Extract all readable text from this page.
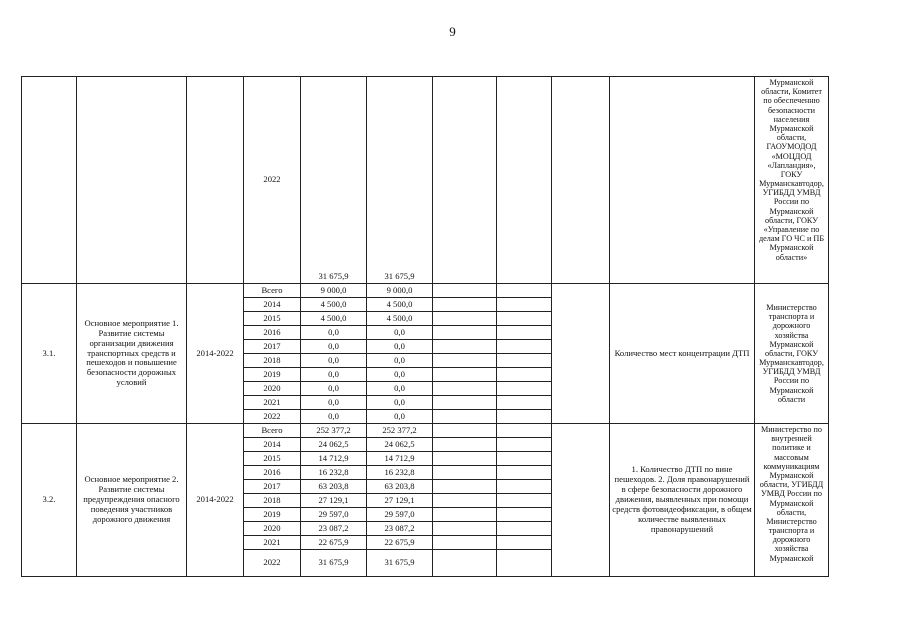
9
			2022	31 675,9	31 675,9					Мурманской области, Комитет по обеспеченню безопасности населения Мурманской области, ГАОУМОДОД «МОЦДОД «Лапландия», ГОКУ Мурманскавтодор, УГИБДД УМВД России по Мурманской области, ГОКУ «Управление по делам ГО ЧС и ПБ Мурманской области»
3.1.	Основное мероприятие 1. Развитие системы организации движения транспортных средств и пешеходов и повышение безопасности дорожных условий	2014-2022	Всего	9 000,0	9 000,0				Количество мест концентрации ДТП	Министерство транспорта и дорожного хозяйства Мурманской области, ГОКУ Мурманскавтодор, УГИБДД УМВД России по Мурманской области
			2014	4 500,0	4 500,0					
			2015	4 500,0	4 500,0					
			2016	0,0	0,0					
			2017	0,0	0,0					
			2018	0,0	0,0					
			2019	0,0	0,0					
			2020	0,0	0,0					
			2021	0,0	0,0					
			2022	0,0	0,0					
3.2.	Основное мероприятие 2. Развитие системы предупреждения опасного поведения участников дорожного движения	2014-2022	Всего	252 377,2	252 377,2				1. Количество ДТП по вине пешеходов. 2. Доля правонарушений в сфере безопасности дорожного движения, выявленных при помощи средств фотовидеофиксации, в общем количестве выявленных правонарушений	Министерство по внутренней политике и массовым коммуникациям Мурманской области, УГИБДД УМВД России по Мурманской области, Министерство транспорта и дорожного хозяйства Мурманской
			2014	24 062,5	24 062,5					
			2015	14 712,9	14 712,9					
			2016	16 232,8	16 232,8					
			2017	63 203,8	63 203,8					
			2018	27 129,1	27 129,1					
			2019	29 597,0	29 597,0					
			2020	23 087,2	23 087,2					
			2021	22 675,9	22 675,9					
			2022	31 675,9	31 675,9					
